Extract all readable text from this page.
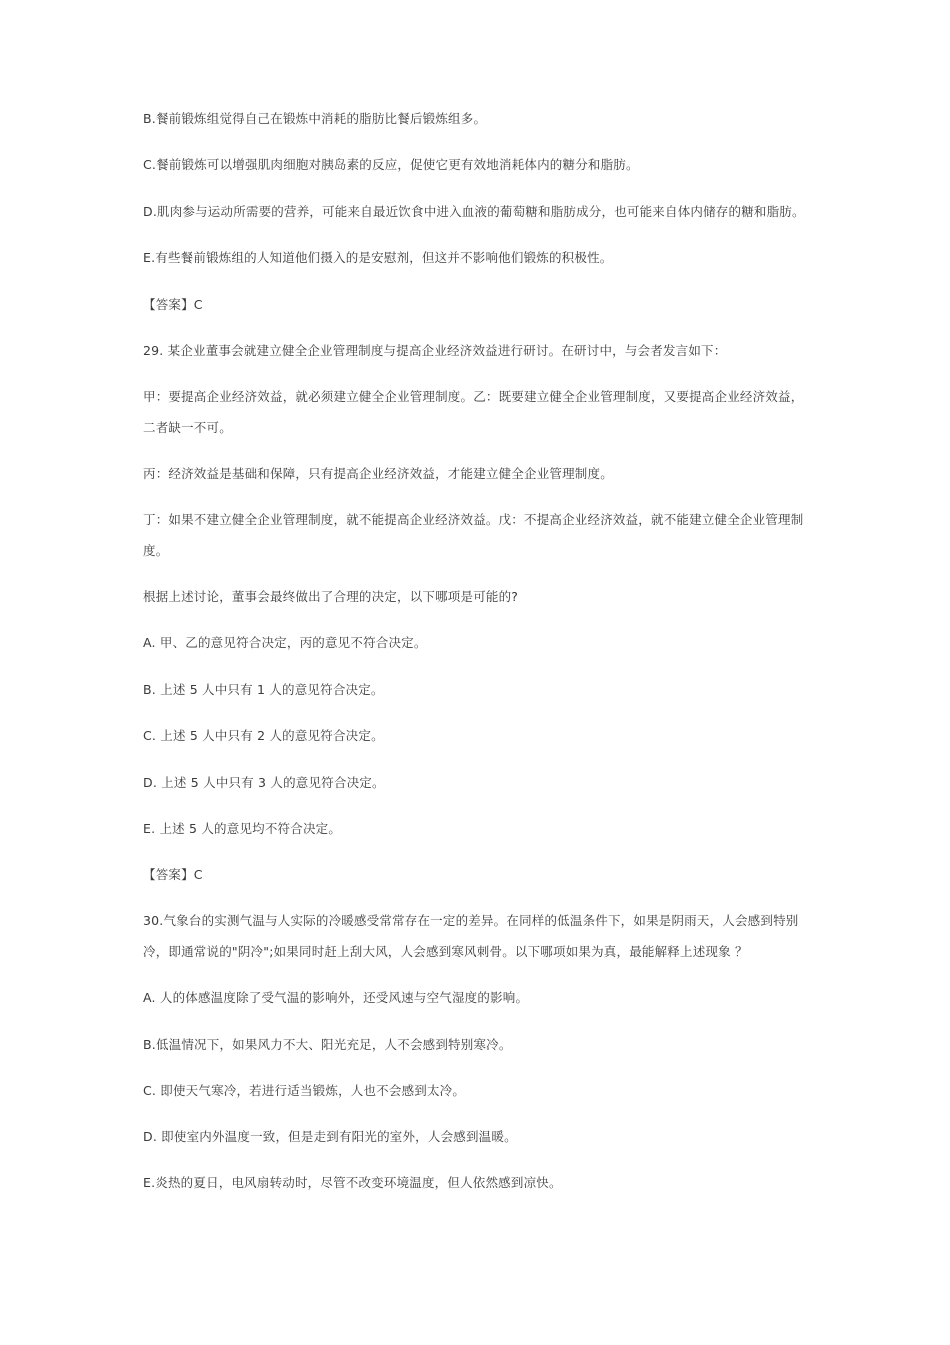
B.餐前锻炼组觉得自己在锻炼中消耗的脂肪比餐后锻炼组多。
C.餐前锻炼可以增强肌肉细胞对胰岛素的反应，促使它更有效地消耗体内的糖分和脂肪。
D.肌肉参与运动所需要的营养，可能来自最近饮食中进入血液的葡萄糖和脂肪成分，也可能来自体内储存的糖和脂肪。
E.有些餐前锻炼组的人知道他们摄入的是安慰剂，但这并不影响他们锻炼的积极性。
【答案】C
29. 某企业董事会就建立健全企业管理制度与提高企业经济效益进行研讨。在研讨中，与会者发言如下：
甲：要提高企业经济效益，就必须建立健全企业管理制度。乙：既要建立健全企业管理制度，又要提高企业经济效益，
二者缺一不可。
丙：经济效益是基础和保障，只有提高企业经济效益，才能建立健全企业管理制度。
丁：如果不建立健全企业管理制度，就不能提高企业经济效益。戊：不提高企业经济效益，就不能建立健全企业管理制
度。
根据上述讨论，董事会最终做出了合理的决定，以下哪项是可能的?
A. 甲、乙的意见符合决定，丙的意见不符合决定。
B. 上述 5 人中只有 1 人的意见符合决定。
C. 上述 5 人中只有 2 人的意见符合决定。
D. 上述 5 人中只有 3 人的意见符合决定。
E. 上述 5 人的意见均不符合决定。
【答案】C
30.气象台的实测气温与人实际的冷暖感受常常存在一定的差异。在同样的低温条件下，如果是阴雨天，人会感到特别
冷，即通常说的"阴冷";如果同时赶上刮大风，人会感到寒风刺骨。以下哪项如果为真，最能解释上述现象 ？
A. 人的体感温度除了受气温的影响外，还受风速与空气湿度的影响。
B.低温情况下，如果风力不大、阳光充足，人不会感到特别寒冷。
C. 即使天气寒冷，若进行适当锻炼，人也不会感到太冷。
D. 即使室内外温度一致，但是走到有阳光的室外，人会感到温暖。
E.炎热的夏日，电风扇转动时，尽管不改变环境温度，但人依然感到凉快。
